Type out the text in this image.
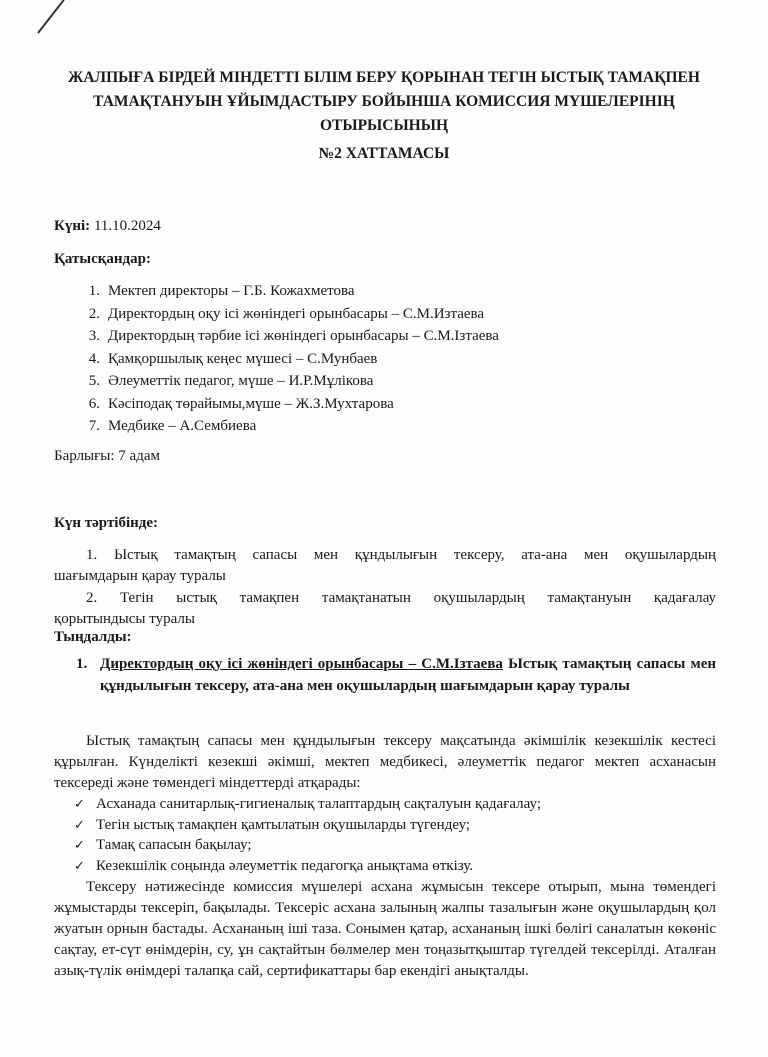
ЖАЛПЫҒА БІРДЕЙ МІНДЕТТІ БІЛІМ БЕРУ ҚОРЫНАН ТЕГІН ЫСТЫҚ ТАМАҚПЕН
ТАМАҚТАНУЫН ҰЙЫМДАСТЫРУ БОЙЫНША КОМИССИЯ МҮШЕЛЕРІНІҢ
ОТЫРЫСЫНЫҢ
№2 ХАТТАМАСЫ
Күні: 11.10.2024
Қатысқандар:
1. Мектеп директоры – Г.Б. Кожахметова
2. Директордың оқу ісі жөніндегі орынбасары – С.М.Изтаева
3. Директордың тәрбие ісі жөніндегі орынбасары – С.М.Ізтаева
4. Қамқоршылық кеңес мүшесі – С.Мунбаев
5. Әлеуметтік педагог, мүше – И.Р.Мұлікова
6. Кәсіподақ төрайымы,мүше – Ж.З.Мухтарова
7. Медбике – А.Сембиева
Барлығы: 7 адам
Күн тәртібінде:
1. Ыстық тамақтың сапасы мен құндылығын тексеру, ата-ана мен оқушылардың
шағымдарын қарау туралы
2. Тегін ыстық тамақпен тамақтанатын оқушылардың тамақтануын қадағалау
қорытындысы туралы
Тыңдалды:
1. Директордың оқу ісі жөніндегі орынбасары – С.М.Ізтаева Ыстық тамақтың сапасы мен құндылығын тексеру, ата-ана мен оқушылардың шағымдарын қарау туралы
Ыстық тамақтың сапасы мен құндылығын тексеру мақсатында әкімшілік кезекшілік кестесі құрылған. Күнделікті кезекші әкімші, мектеп медбикесі, әлеуметтік педагог мектеп асханасын тексереді және төмендегі міндеттерді атқарады:
✓ Асханада санитарлық-гигиеналық талаптардың сақталуын қадағалау;
✓ Тегін ыстық тамақпен қамтылатын оқушыларды түгендеу;
✓ Тамақ сапасын бақылау;
✓ Кезекшілік соңында әлеуметтік педагогқа анықтама өткізу.
Тексеру нәтижесінде комиссия мүшелері асхана жұмысын тексере отырып, мына төмендегі жұмыстарды тексеріп, бақылады. Тексеріс асхана залының жалпы тазалығын және оқушылардың қол жуатын орнын бастады. Асхананың іші таза. Сонымен қатар, асхананың ішкі бөлігі саналатын көкөніс сақтау, ет-сүт өнімдерін, су, ұн сақтайтын бөлмелер мен тоңазытқыштар түгелдей тексерілді. Аталған азық-түлік өнімдері талапқа сай, сертификаттары бар екендігі анықталды.
